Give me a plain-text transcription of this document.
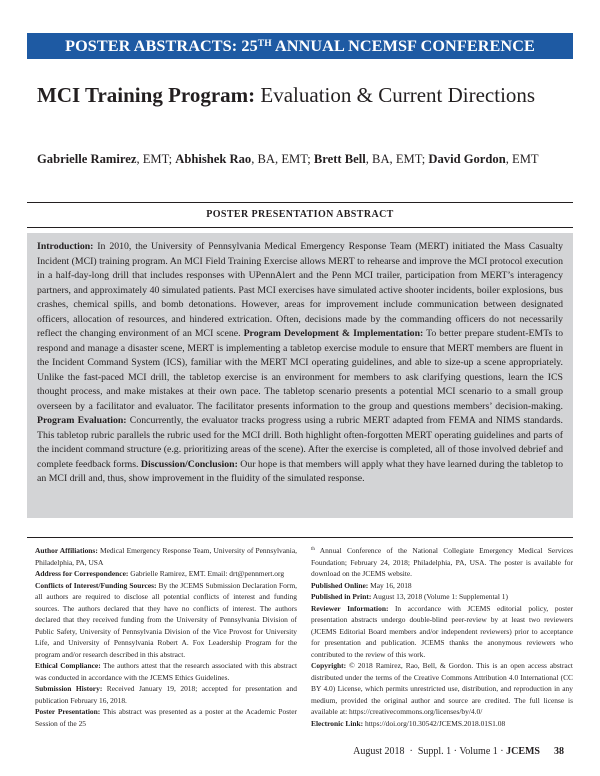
POSTER ABSTRACTS: 25TH ANNUAL NCEMSF CONFERENCE
MCI Training Program: Evaluation & Current Directions
Gabrielle Ramirez, EMT; Abhishek Rao, BA, EMT; Brett Bell, BA, EMT; David Gordon, EMT
POSTER PRESENTATION ABSTRACT
Introduction: In 2010, the University of Pennsylvania Medical Emergency Response Team (MERT) initiated the Mass Casualty Incident (MCI) training program. An MCI Field Training Exercise allows MERT to rehearse and improve the MCI protocol execution in a half-day-long drill that includes responses with UPennAlert and the Penn MCI trailer, participation from MERT’s interagency partners, and approximately 40 simulated patients. Past MCI exercises have simulated active shooter incidents, boiler explosions, bus crashes, chemical spills, and bomb detonations. However, areas for improvement include communication between designated officers, allocation of resources, and hindered extrication. Often, decisions made by the commanding officers do not necessarily reflect the changing environment of an MCI scene. Program Development & Implementation: To better prepare student-EMTs to respond and manage a disaster scene, MERT is implementing a tabletop exercise module to ensure that MERT members are fluent in the Incident Command System (ICS), familiar with the MERT MCI operating guidelines, and able to size-up a scene appropriately. Unlike the fast-paced MCI drill, the tabletop exercise is an environment for members to ask clarifying questions, learn the ICS thought process, and make mistakes at their own pace. The tabletop scenario presents a potential MCI scenario to a small group overseen by a facilitator and evaluator. The facilitator presents information to the group and questions members’ decision-making. Program Evaluation: Concurrently, the evaluator tracks progress using a rubric MERT adapted from FEMA and NIMS standards. This tabletop rubric parallels the rubric used for the MCI drill. Both highlight often-forgotten MERT operating guidelines and parts of the incident command structure (e.g. prioritizing areas of the scene). After the exercise is completed, all of those involved debrief and complete feedback forms. Discussion/Conclusion: Our hope is that members will apply what they have learned during the tabletop to an MCI drill and, thus, show improvement in the fluidity of the simulated response.

Author Affiliations: Medical Emergency Response Team, University of Pennsylvania, Philadelphia, PA, USA

Address for Correspondence: Gabrielle Ramirez, EMT. Email: drt@pennmert.org

Conflicts of Interest/Funding Sources: By the JCEMS Submission Declaration Form, all authors are required to disclose all potential conflicts of interest and funding sources. The authors declared that they have no conflicts of interest. The authors declared that they received funding from the University of Pennsylvania Division of Public Safety, University of Pennsylvania Division of the Vice Provost for University Life, and University of Pennsylvania Robert A. Fox Leadership Program for the program and/or research described in this abstract.

Ethical Compliance: The authors attest that the research associated with this abstract was conducted in accordance with the JCEMS Ethics Guidelines.

Submission History: Received January 19, 2018; accepted for presentation and publication February 16, 2018.

Poster Presentation: This abstract was presented as a poster at the Academic Poster Session of the 25

$^{th}$ Annual Conference of the National Collegiate Emergency Medical Services Foundation; February 24, 2018; Philadelphia, PA, USA. The poster is available for download on the JCEMS website.

Published Online: May 16, 2018

Published in Print: August 13, 2018 (Volume 1: Supplemental 1)

Reviewer Information: In accordance with JCEMS editorial policy, poster presentation abstracts undergo double-blind peer-review by at least two reviewers (JCEMS Editorial Board members and/or independent reviewers) prior to acceptance for presentation and publication. JCEMS thanks the anonymous reviewers who contributed to the review of this work.

Copyright: © 2018 Ramirez, Rao, Bell, & Gordon. This is an open access abstract distributed under the terms of the Creative Commons Attribution 4.0 International (CC BY 4.0) License, which permits unrestricted use, distribution, and reproduction in any medium, provided the original author and source are credited. The full license is available at: https://creativecommons.org/licenses/by/4.0/

Electronic Link: https://doi.org/10.30542/JCEMS.2018.01S1.08

August 2018  ·  Suppl. 1 · Volume 1 · JCEMS 38
